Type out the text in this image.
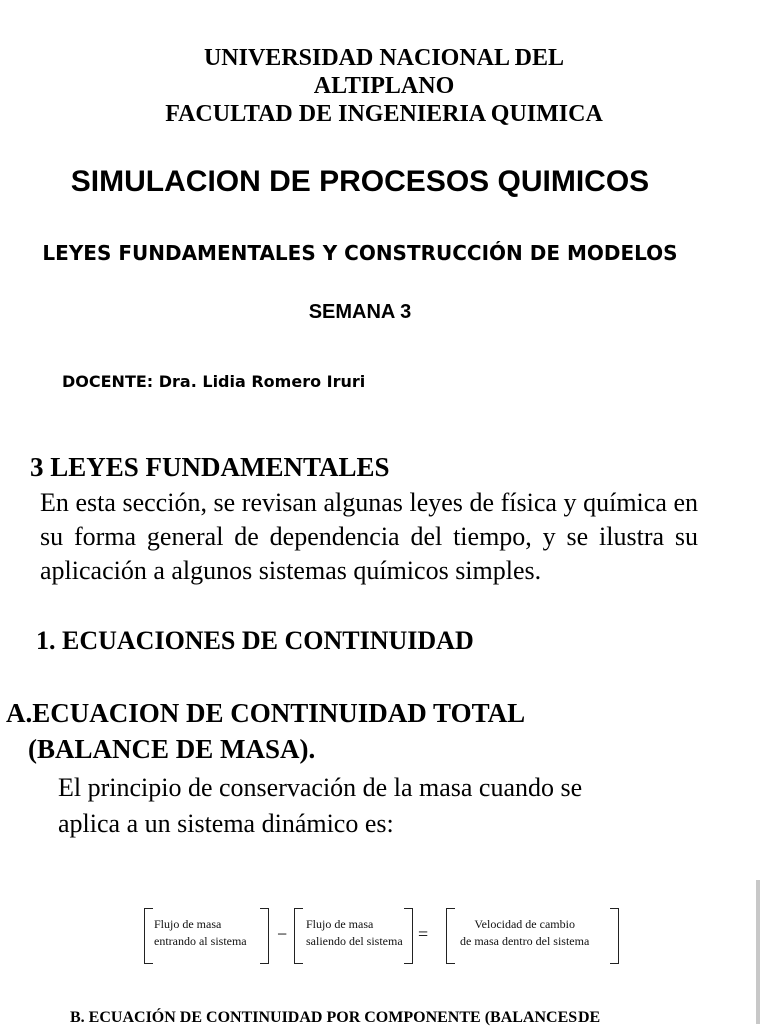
UNIVERSIDAD NACIONAL DEL
ALTIPLANO
FACULTAD DE INGENIERIA QUIMICA
SIMULACION DE PROCESOS QUIMICOS
LEYES FUNDAMENTALES Y CONSTRUCCIÓN DE MODELOS
SEMANA 3
DOCENTE: Dra. Lidia Romero Iruri
3 LEYES FUNDAMENTALES
En esta sección, se revisan algunas leyes de física y química en su forma general de dependencia del tiempo, y se ilustra su aplicación a algunos sistemas químicos simples.
1. ECUACIONES DE CONTINUIDAD
A.ECUACION DE CONTINUIDAD TOTAL
(BALANCE DE MASA).
El principio de conservación de la masa cuando se
aplica a un sistema dinámico es:
Flujo de masa
entrando al sistema − Flujo de masa
saliendo del sistema =	Velocidad de cambio
de masa dentro del sistema
B. ECUACIÓN DE CONTINUIDAD POR COMPONENTE (BALANCES DE
